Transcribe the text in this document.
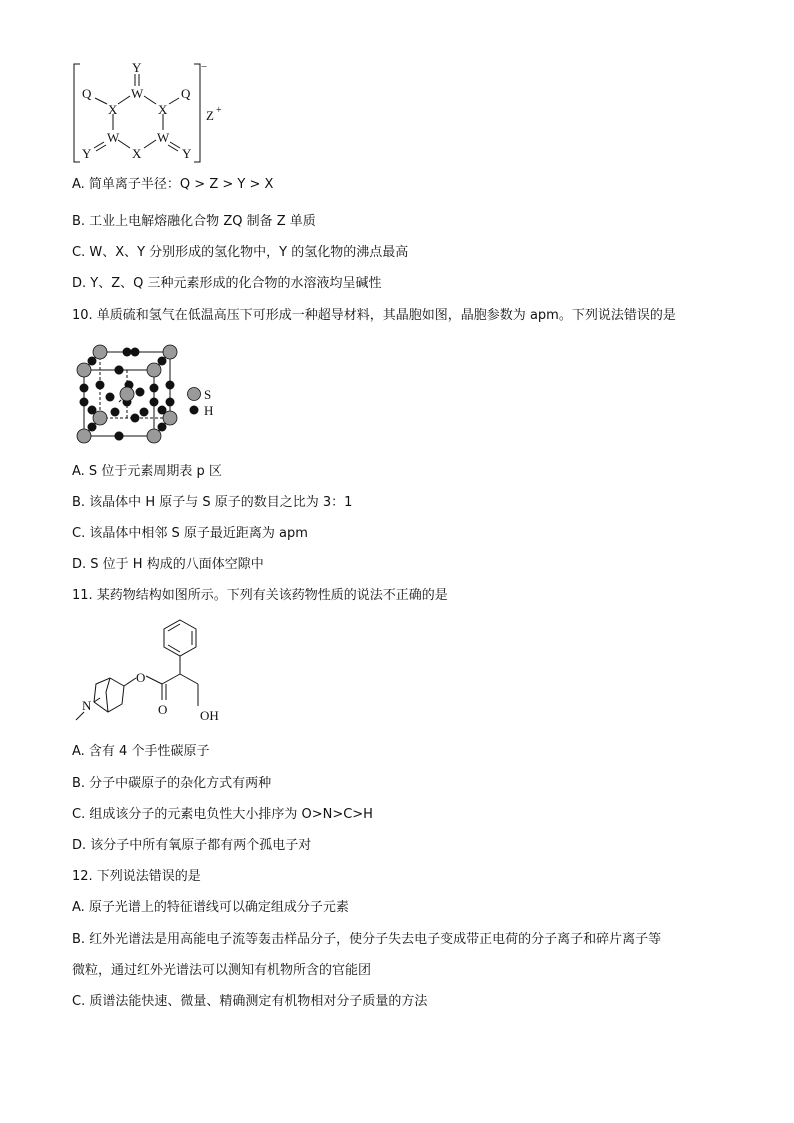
Y
W
Q	Q
X	X
W	W
X
Y	Y
−
Z +
A. 简单离子半径：Q > Z > Y > X
B. 工业上电解熔融化合物 ZQ 制备 Z 单质
C. W、X、Y 分别形成的氢化物中，Y 的氢化物的沸点最高
D. Y、Z、Q 三种元素形成的化合物的水溶液均呈碱性
10. 单质硫和氢气在低温高压下可形成一种超导材料，其晶胞如图，晶胞参数为 apm。下列说法错误的是
S
H
A. S 位于元素周期表 p 区
B. 该晶体中 H 原子与 S 原子的数目之比为 3：1
C. 该晶体中相邻 S 原子最近距离为 apm
D. S 位于 H 构成的八面体空隙中
11. 某药物结构如图所示。下列有关该药物性质的说法不正确的是
N
O
O	OH
A. 含有 4 个手性碳原子
B. 分子中碳原子的杂化方式有两种
C. 组成该分子的元素电负性大小排序为 O>N>C>H
D. 该分子中所有氧原子都有两个孤电子对
12. 下列说法错误的是
A. 原子光谱上的特征谱线可以确定组成分子元素
B. 红外光谱法是用高能电子流等轰击样品分子，使分子失去电子变成带正电荷的分子离子和碎片离子等
微粒，通过红外光谱法可以测知有机物所含的官能团
C. 质谱法能快速、微量、精确测定有机物相对分子质量的方法
